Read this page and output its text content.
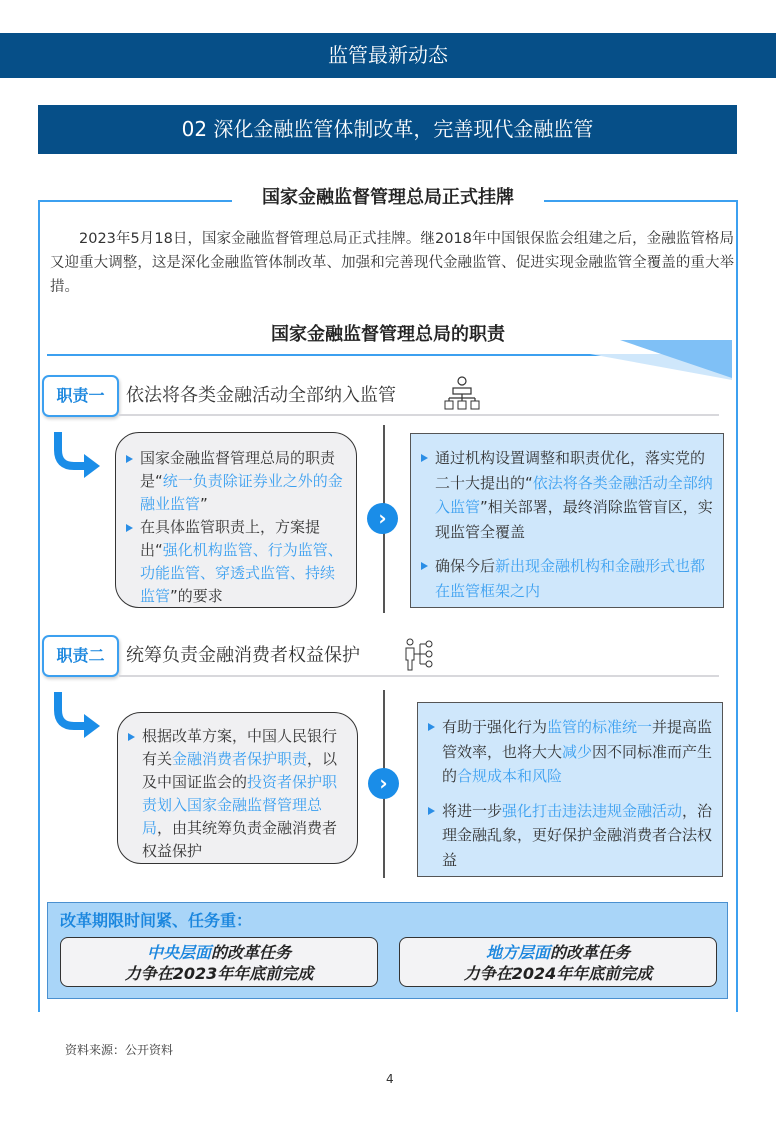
监管最新动态
02 深化金融监管体制改革，完善现代金融监管
国家金融监督管理总局正式挂牌

2023年5月18日，国家金融监督管理总局正式挂牌。继2018年中国银保监会组建之后，金融监管格局又迎重大调整，这是深化金融监管体制改革、加强和完善现代金融监管、促进实现金融监管全覆盖的重大举措。

国家金融监督管理总局的职责
职责一	依法将各类金融活动全部纳入监管
国家金融监督管理总局的职责是“统一负责除证券业之外的金融业监管”
在具体监管职责上，方案提出“强化机构监管、行为监管、功能监管、穿透式监管、持续监管”的要求
›
通过机构设置调整和职责优化，落实党的二十大提出的“依法将各类金融活动全部纳入监管”相关部署，最终消除监管盲区，实现监管全覆盖
确保今后新出现金融机构和金融形式也都在监管框架之内
职责二	统筹负责金融消费者权益保护
根据改革方案，中国人民银行有关金融消费者保护职责，以及中国证监会的投资者保护职责划入国家金融监督管理总局，由其统筹负责金融消费者权益保护
›
有助于强化行为监管的标准统一并提高监管效率，也将大大减少因不同标准而产生的合规成本和风险
将进一步强化打击违法违规金融活动，治理金融乱象，更好保护金融消费者合法权益
改革期限时间紧、任务重：
中央层面的改革任务
力争在2023年年底前完成
地方层面的改革任务
力争在2024年年底前完成
资料来源：公开资料
4
